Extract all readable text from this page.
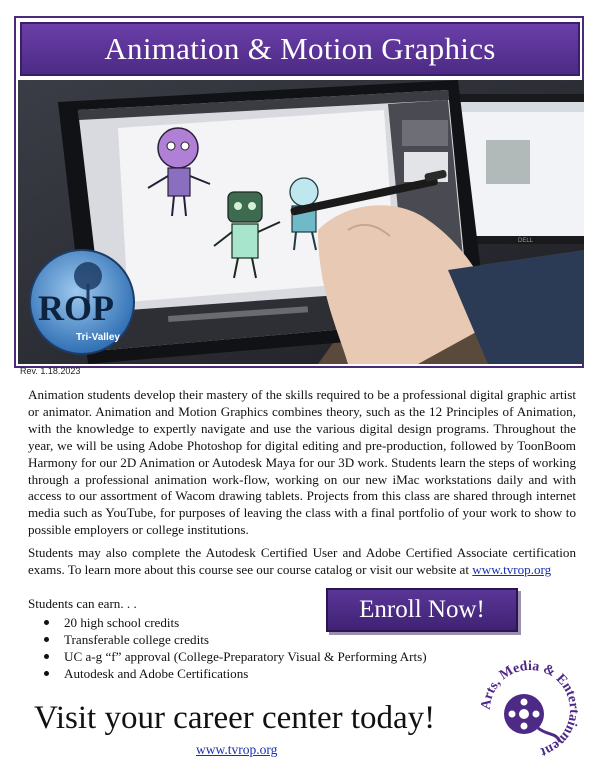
Animation & Motion Graphics
DELL
ROP
Tri-Valley
Rev. 1.18.2023

Animation students develop their mastery of the skills required to be a professional digital graphic artist or animator. Animation and Motion Graphics combines theory, such as the 12 Principles of Animation, with the knowledge to expertly navigate and use the various digital design programs. Throughout the year, we will be using Adobe Photoshop for digital editing and pre-production, followed by ToonBoom Harmony for our 2D Animation or Autodesk Maya for our 3D work. Students learn the steps of working through a professional animation work-flow, working on our new iMac workstations daily and with access to our assortment of Wacom drawing tablets. Projects from this class are shared through internet media such as YouTube, for purposes of leaving the class with a final portfolio of your work to show to possible employers or college institutions.

Students may also complete the Autodesk Certified User and Adobe Certified Associate certification exams. To learn more about this course see our course catalog or visit our website at www.tvrop.org

Students can earn. . .

20 high school credits
Transferable college credits
UC a-g “f” approval (College-Preparatory Visual & Performing Arts)
Autodesk and Adobe Certifications
Enroll Now!
Visit your career center today!
www.tvrop.org
Arts, Media & Entertainment
